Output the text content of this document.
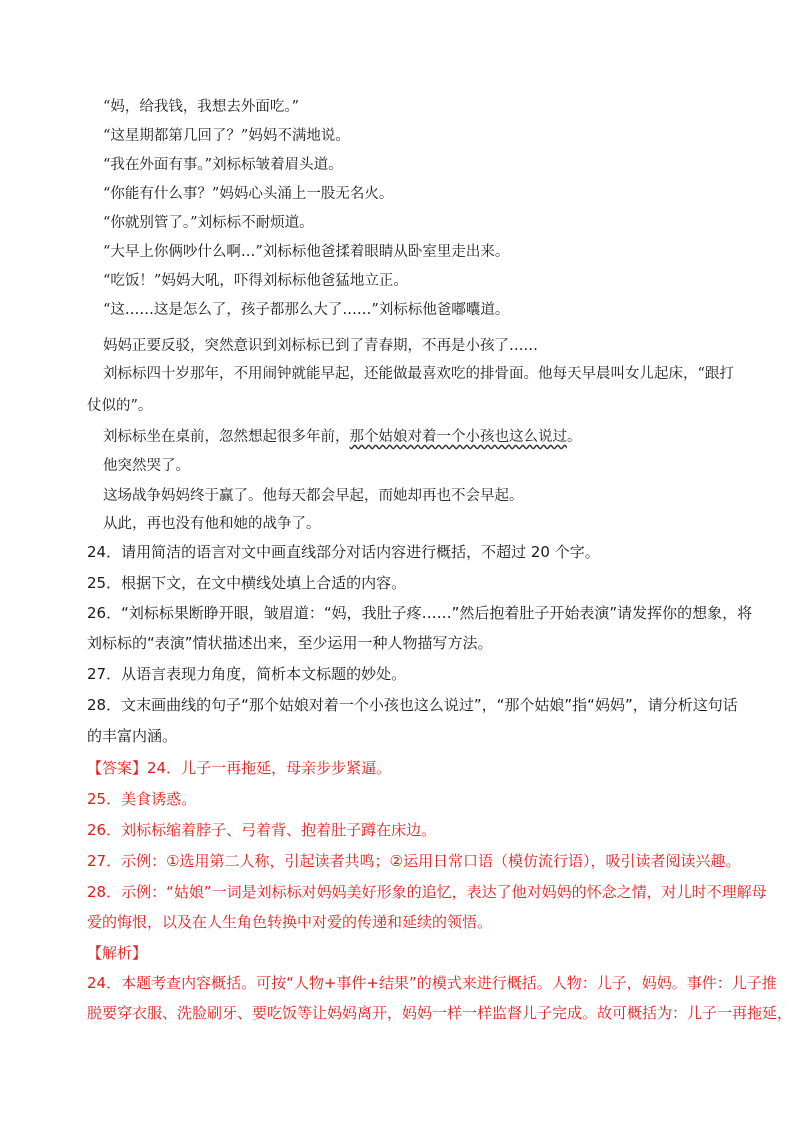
“妈，给我钱，我想去外面吃。”
“这星期都第几回了？”妈妈不满地说。
“我在外面有事。”刘标标皱着眉头道。
“你能有什么事？”妈妈心头涌上一股无名火。
“你就别管了。”刘标标不耐烦道。
“大早上你俩吵什么啊…”刘标标他爸揉着眼睛从卧室里走出来。
“吃饭！”妈妈大吼，吓得刘标标他爸猛地立正。
“这……这是怎么了，孩子都那么大了……”刘标标他爸嘟囔道。
妈妈正要反驳，突然意识到刘标标已到了青春期，不再是小孩了……
刘标标四十岁那年，不用闹钟就能早起，还能做最喜欢吃的排骨面。他每天早晨叫女儿起床，“跟打
仗似的”。
刘标标坐在桌前，忽然想起很多年前，那个姑娘对着一个小孩也这么说过。
他突然哭了。
这场战争妈妈终于赢了。他每天都会早起，而她却再也不会早起。
从此，再也没有他和她的战争了。
24．请用简洁的语言对文中画直线部分对话内容进行概括，不超过 20 个字。
25．根据下文，在文中横线处填上合适的内容。
26．“刘标标果断睁开眼，皱眉道：“妈，我肚子疼……”然后抱着肚子开始表演”请发挥你的想象，将
刘标标的“表演”情状描述出来，至少运用一种人物描写方法。
27．从语言表现力角度，简析本文标题的妙处。
28．文末画曲线的句子“那个姑娘对着一个小孩也这么说过”，“那个姑娘”指“妈妈”，请分析这句话
的丰富内涵。
【答案】24．儿子一再拖延，母亲步步紧逼。
25．美食诱惑。
26．刘标标缩着脖子、弓着背、抱着肚子蹲在床边。
27．示例：①选用第二人称，引起读者共鸣；②运用日常口语（模仿流行语），吸引读者阅读兴趣。
28．示例：“姑娘”一词是刘标标对妈妈美好形象的追忆，表达了他对妈妈的怀念之情，对儿时不理解母
爱的悔恨，以及在人生角色转换中对爱的传递和延续的领悟。
【解析】
24．本题考查内容概括。可按“人物+事件+结果”的模式来进行概括。人物：儿子，妈妈。事件：儿子推
脱要穿衣服、洗脸刷牙、要吃饭等让妈妈离开，妈妈一样一样监督儿子完成。故可概括为：儿子一再拖延，
